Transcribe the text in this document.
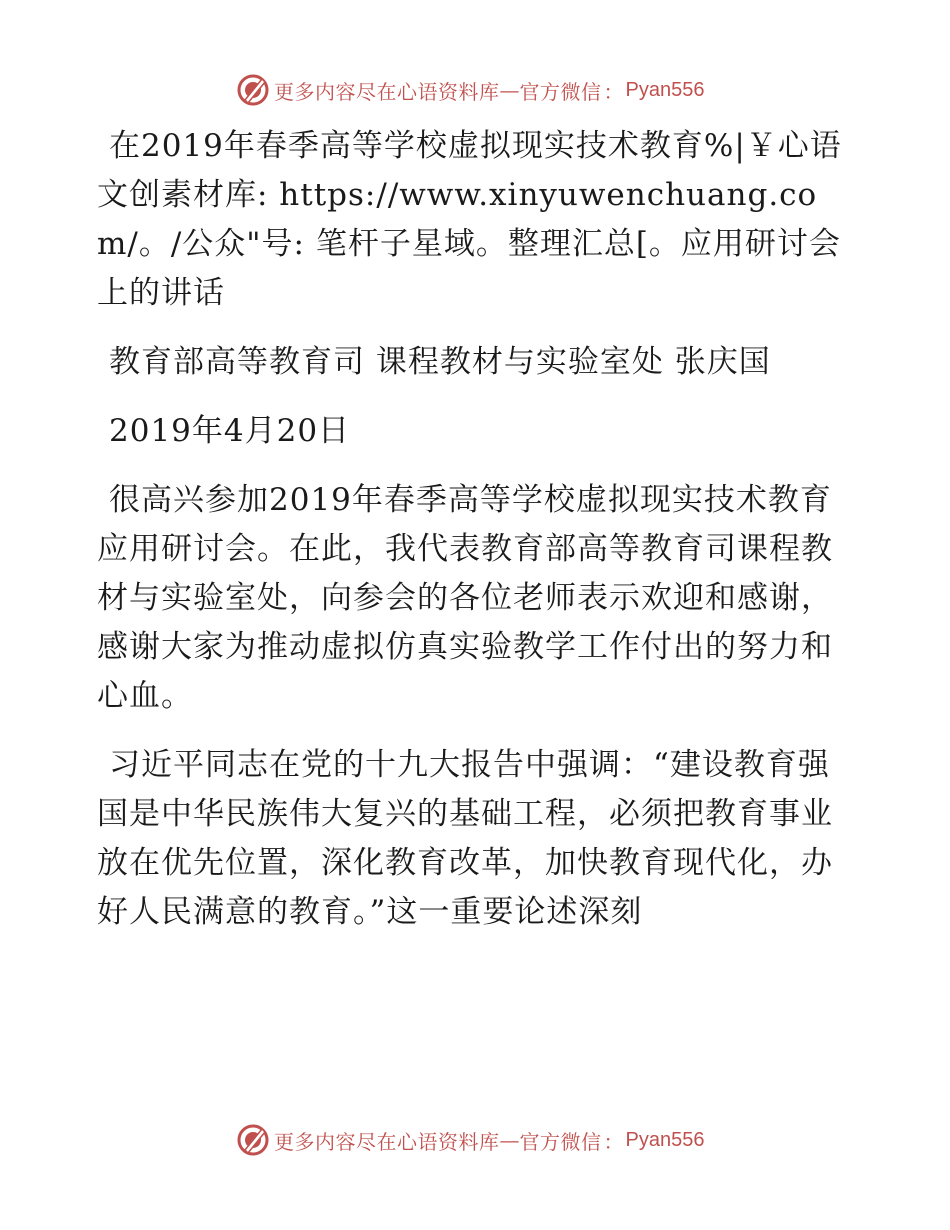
更多内容尽在心语资料库 — 官方微信 ： Pyan556

在2019年春季高等学校虚拟现实技术教育%|￥心语文创素材库: https://www.xinyuwenchuang.com/。/公众"号: 笔杆子星域。整理汇总[。应用研讨会上的讲话

教育部高等教育司 课程教材与实验室处 张庆国

2019年4月20日

很高兴参加2019年春季高等学校虚拟现实技术教育应用研讨会。在此，我代表教育部高等教育司课程教材与实验室处，向参会的各位老师表示欢迎和感谢，感谢大家为推动虚拟仿真实验教学工作付出的努力和心血。

习近平同志在党的十九大报告中强调：“建设教育强国是中华民族伟大复兴的基础工程，必须把教育事业放在优先位置，深化教育改革，加快教育现代化，办好人民满意的教育。”这一重要论述深刻

更多内容尽在心语资料库 — 官方微信 ： Pyan556
